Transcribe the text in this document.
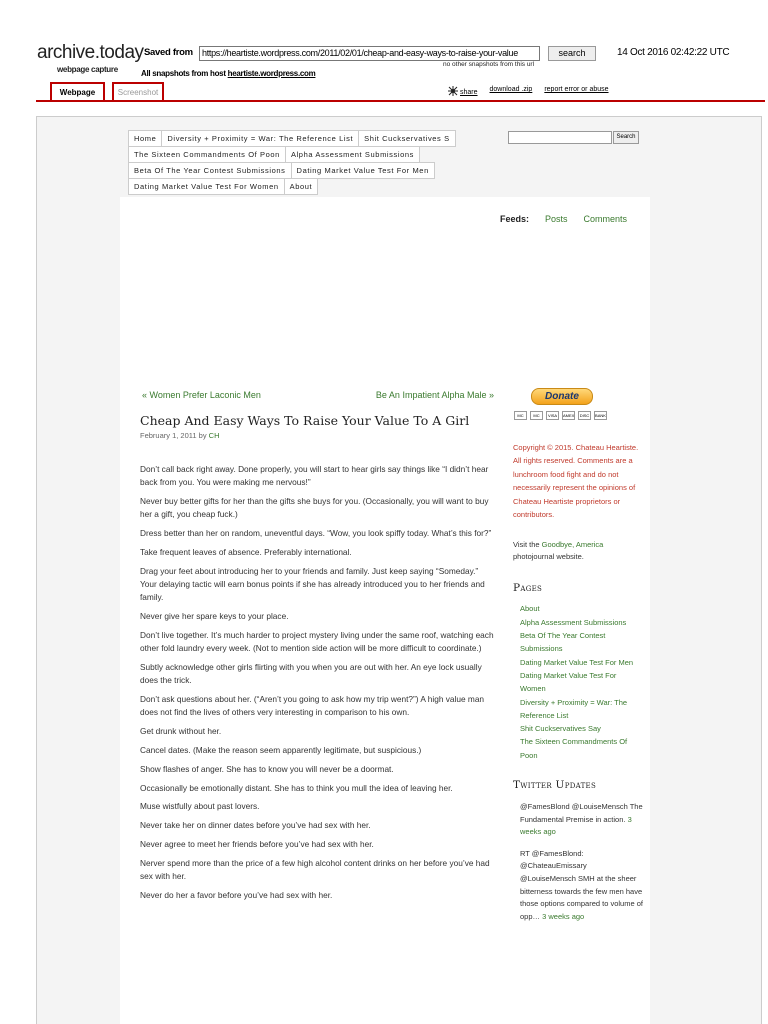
archive.today
webpage capture
Saved from	https://heartiste.wordpress.com/2011/02/01/cheap-and-easy-ways-to-raise-your-value	search	14 Oct 2016 02:42:22 UTC
no other snapshots from this url
All snapshots from host heartiste.wordpress.com
Webpage	Screenshot	share download .zip report error or abuse
Home	Diversity + Proximity = War: The Reference List	Shit Cuckservatives S
The Sixteen Commandments Of Poon	Alpha Assessment Submissions
Beta Of The Year Contest Submissions	Dating Market Value Test For Men
Dating Market Value Test For Women	About
Search
Feeds: Posts Comments
« Women Prefer Laconic Men	Be An Impatient Alpha Male »
Cheap And Easy Ways To Raise Your Value To A Girl
February 1, 2011 by CH

Don’t call back right away. Done properly, you will start to hear girls say things like “I didn’t hear back from you. You were making me nervous!”

Never buy better gifts for her than the gifts she buys for you. (Occasionally, you will want to buy her a gift, you cheap fuck.)

Dress better than her on random, uneventful days. “Wow, you look spiffy today. What’s this for?”

Take frequent leaves of absence. Preferably international.

Drag your feet about introducing her to your friends and family. Just keep saying “Someday.” Your delaying tactic will earn bonus points if she has already introduced you to her friends and family.

Never give her spare keys to your place.

Don’t live together. It’s much harder to project mystery living under the same roof, watching each other fold laundry every week. (Not to mention side action will be more difficult to coordinate.)

Subtly acknowledge other girls flirting with you when you are out with her. An eye lock usually does the trick.

Don’t ask questions about her. (“Aren’t you going to ask how my trip went?”) A high value man does not find the lives of others very interesting in comparison to his own.

Get drunk without her.

Cancel dates. (Make the reason seem apparently legitimate, but suspicious.)

Show flashes of anger. She has to know you will never be a doormat.

Occasionally be emotionally distant. She has to think you mull the idea of leaving her.

Muse wistfully about past lovers.

Never take her on dinner dates before you’ve had sex with her.

Never agree to meet her friends before you’ve had sex with her.

Nerver spend more than the price of a few high alcohol content drinks on her before you’ve had sex with her.

Never do her a favor before you’ve had sex with her.

Donate
MC	MC	VISA	AMEX	DISC	BANK
Copyright © 2015. Chateau Heartiste. All rights reserved. Comments are a lunchroom food fight and do not necessarily represent the opinions of Chateau Heartiste proprietors or contributors.
Visit the Goodbye, America photojournal website.
Pages
About
Alpha Assessment Submissions
Beta Of The Year Contest Submissions
Dating Market Value Test For Men
Dating Market Value Test For Women
Diversity + Proximity = War: The Reference List
Shit Cuckservatives Say
The Sixteen Commandments Of Poon
Twitter Updates
@FamesBlond @LouiseMensch The Fundamental Premise in action. 3 weeks ago
RT @FamesBlond: @ChateauEmissary @LouiseMensch SMH at the sheer bitterness towards the few men have those options compared to volume of opp… 3 weeks ago
